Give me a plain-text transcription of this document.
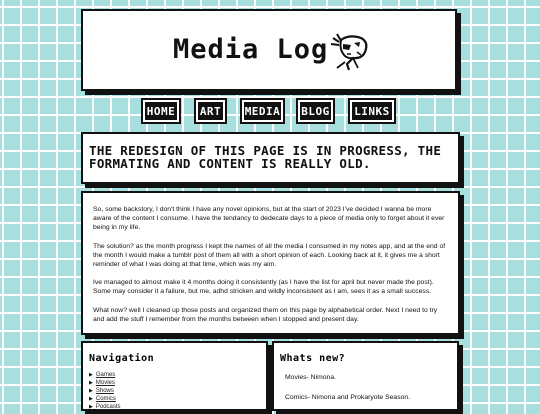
Media Log
HOME	ART	MEDIA BLOG	LINKS

THE REDESIGN OF THIS PAGE IS IN PROGRESS, THE FORMATING AND CONTENT IS REALLY OLD.

So, some backstory, I don't think I have any novel opinions, but at the start of 2023 I've decided I wanna be more aware of the content I consume. I have the tendancy to dedecate days to a piece of media only to forget about it ever being in my life.

The solution? as the month progress I kept the names of all the media I consumed in my notes app, and at the end of the month I would make a tumblr post of them all with a short opinion of each. Looking back at it, it gives me a short reminder of what I was doing at that time, which was my aim.

Ive managed to almost make it 4 months doing it consistently (as I have the list for april but never made the post). Some may consider it a failure, but me, adhd stricken and wildly inconsistent as I am, sees it as a small success.

What now? well I cleaned up those posts and organized them on this page by alphabetical order. Next I need to try and add the stuff I remember from the months between when I stopped and present day.

Navigation
▶ Games
▶ Movies
▶ Shows
▶ Comics
▶ Podcasts
Whats new?

Movies- Nimona.

Comics- Nimona and Prokaryote Season.
